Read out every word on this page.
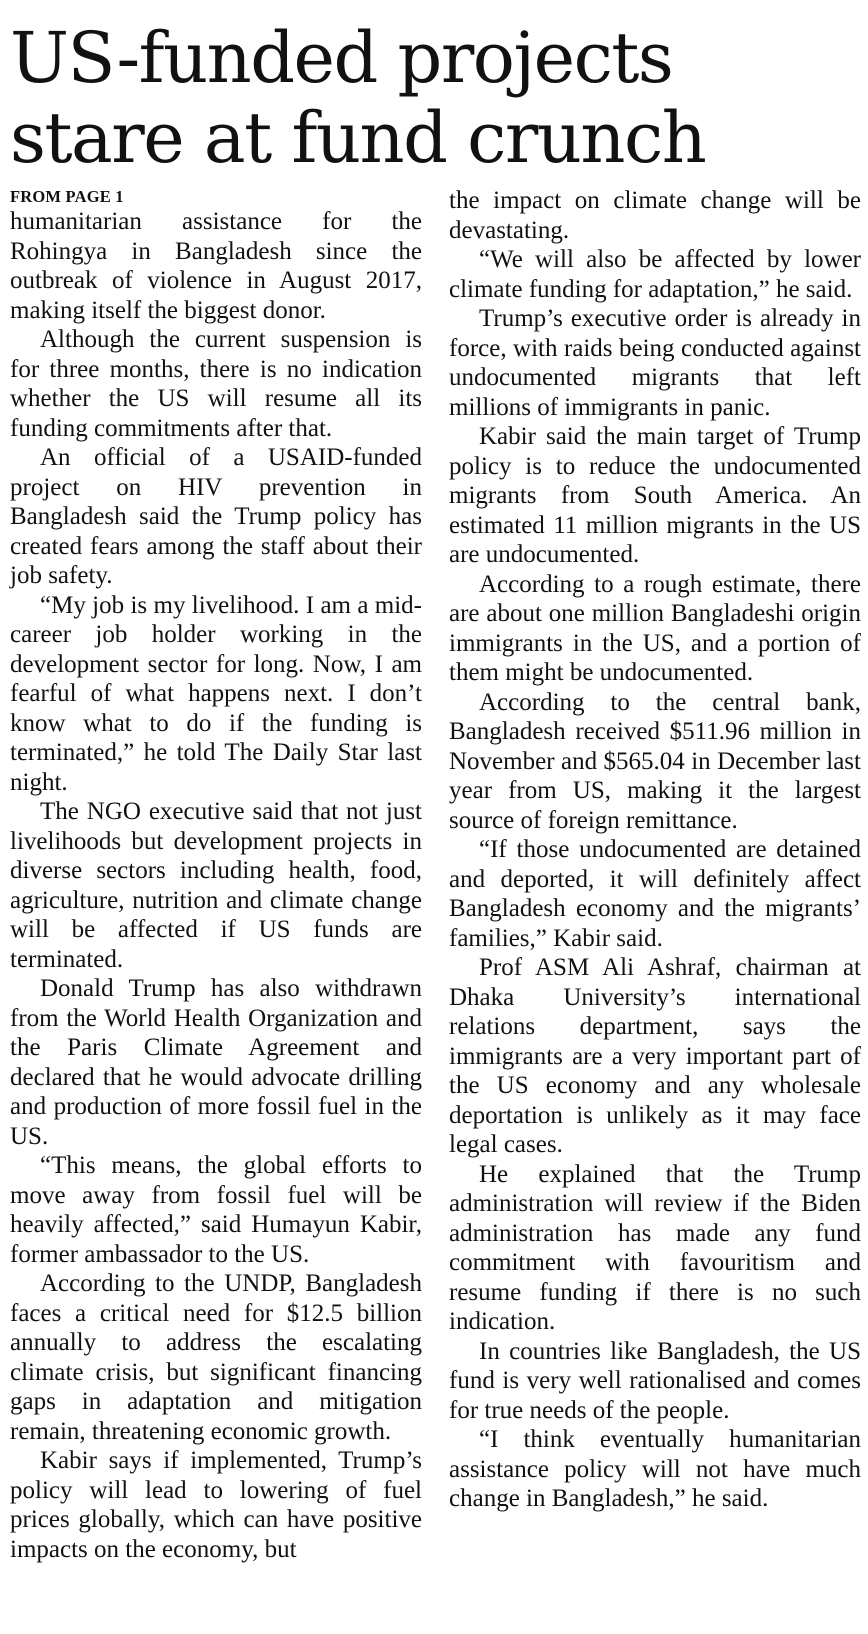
US-funded projects stare at fund crunch
FROM PAGE 1

humanitarian assistance for the Rohingya in Bangladesh since the outbreak of violence in August 2017, making itself the biggest donor.

Although the current suspension is for three months, there is no indication whether the US will resume all its funding commitments after that.

An official of a USAID-funded project on HIV prevention in Bangladesh said the Trump policy has created fears among the staff about their job safety.

“My job is my livelihood. I am a mid-career job holder working in the development sector for long. Now, I am fearful of what happens next. I don’t know what to do if the funding is terminated,” he told The Daily Star last night.

The NGO executive said that not just livelihoods but development projects in diverse sectors including health, food, agriculture, nutrition and climate change will be affected if US funds are terminated.

Donald Trump has also withdrawn from the World Health Organization and the Paris Climate Agreement and declared that he would advocate drilling and production of more fossil fuel in the US.

“This means, the global efforts to move away from fossil fuel will be heavily affected,” said Humayun Kabir, former ambassador to the US.

According to the UNDP, Bangladesh faces a critical need for $12.5 billion annually to address the escalating climate crisis, but significant financing gaps in adaptation and mitigation remain, threatening economic growth.

Kabir says if implemented, Trump’s policy will lead to lowering of fuel prices globally, which can have positive impacts on the economy, but

the impact on climate change will be devastating.

“We will also be affected by lower climate funding for adaptation,” he said.

Trump’s executive order is already in force, with raids being conducted against undocumented migrants that left millions of immigrants in panic.

Kabir said the main target of Trump policy is to reduce the undocumented migrants from South America. An estimated 11 million migrants in the US are undocumented.

According to a rough estimate, there are about one million Bangladeshi origin immigrants in the US, and a portion of them might be undocumented.

According to the central bank, Bangladesh received $511.96 million in November and $565.04 in December last year from US, making it the largest source of foreign remittance.

“If those undocumented are detained and deported, it will definitely affect Bangladesh economy and the migrants’ families,” Kabir said.

Prof ASM Ali Ashraf, chairman at Dhaka University’s international relations department, says the immigrants are a very important part of the US economy and any wholesale deportation is unlikely as it may face legal cases.

He explained that the Trump administration will review if the Biden administration has made any fund commitment with favouritism and resume funding if there is no such indication.

In countries like Bangladesh, the US fund is very well rationalised and comes for true needs of the people.

“I think eventually humanitarian assistance policy will not have much change in Bangladesh,” he said.
